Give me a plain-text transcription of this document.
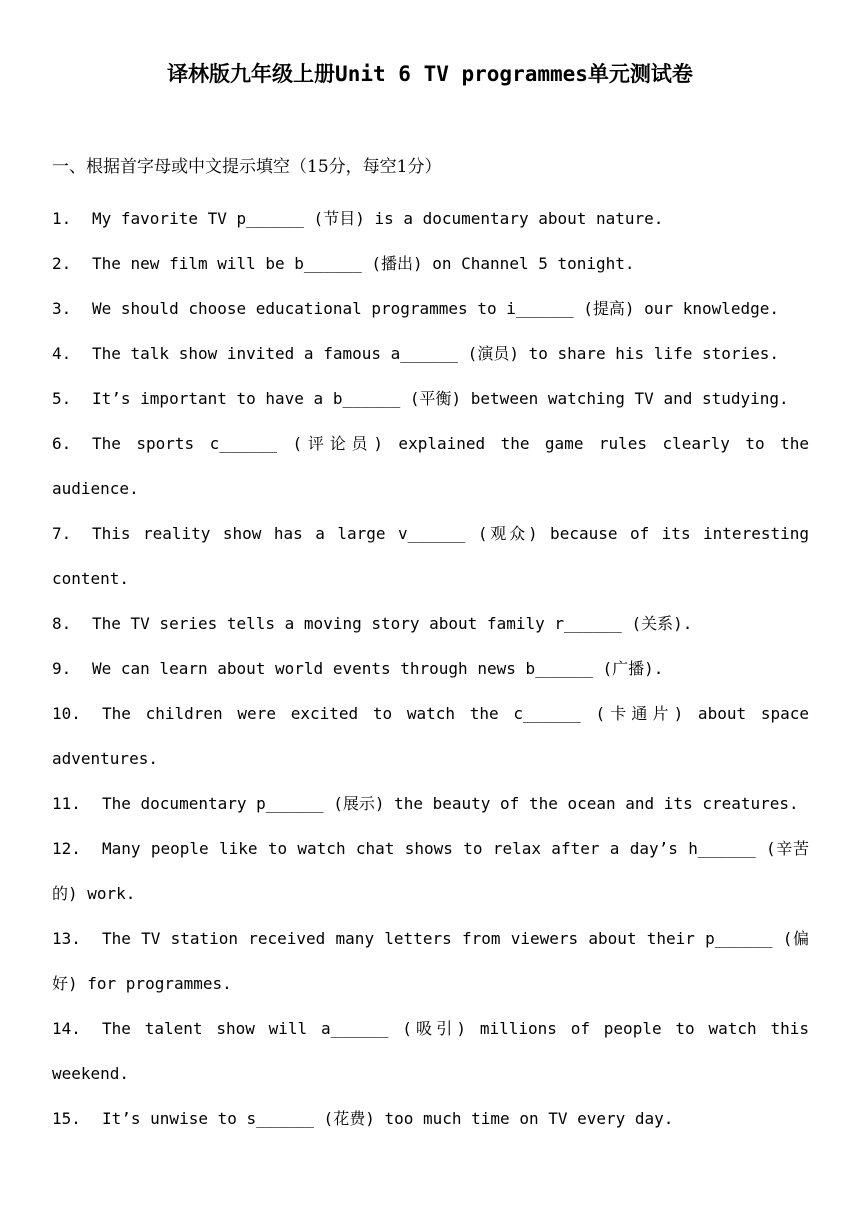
译林版九年级上册Unit 6 TV programmes单元测试卷
一、根据首字母或中文提示填空（15分，每空1分）
1. My favorite TV p______ (节目) is a documentary about nature.
2. The new film will be b______ (播出) on Channel 5 tonight.
3. We should choose educational programmes to i______ (提高) our knowledge.
4. The talk show invited a famous a______ (演员) to share his life stories.
5. It’s important to have a b______ (平衡) between watching TV and studying.
6. The sports c______ (评论员) explained the game rules clearly to the audience.
7. This reality show has a large v______ (观众) because of its interesting content.
8. The TV series tells a moving story about family r______ (关系).
9. We can learn about world events through news b______ (广播).
10. The children were excited to watch the c______ (卡通片) about space adventures.
11. The documentary p______ (展示) the beauty of the ocean and its creatures.
12. Many people like to watch chat shows to relax after a day’s h______ (辛苦的) work.
13. The TV station received many letters from viewers about their p______ (偏好) for programmes.
14. The talent show will a______ (吸引) millions of people to watch this weekend.
15. It’s unwise to s______ (花费) too much time on TV every day.
